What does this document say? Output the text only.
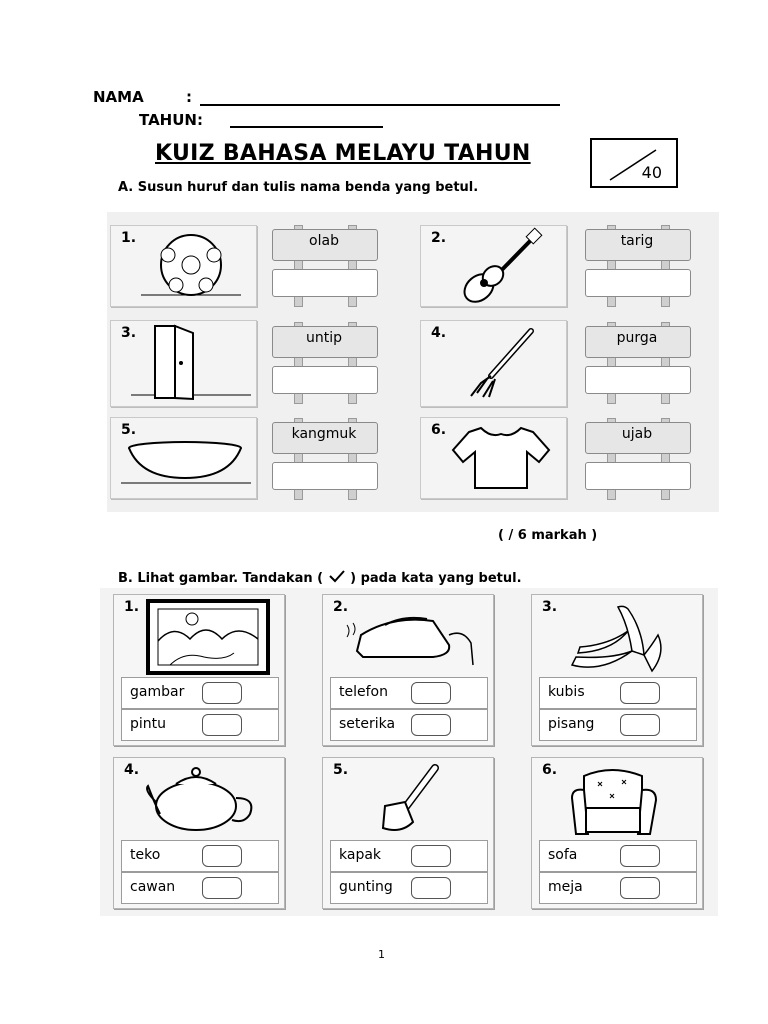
NAMA	:
TAHUN:
KUIZ BAHASA MELAYU TAHUN
40
A. Susun huruf dan tulis nama benda yang betul.
1.	olab	2.	tarig
3.	untip	4.	purga
5.	kangmuk	6.	ujab
( / 6 markah )
B. Lihat gambar. Tandakan ( ) pada kata yang betul.
1.
gambar
pintu
2.
telefon
seterika
3.
kubis
pisang
4.
teko
cawan
5.
kapak
gunting
6.
sofa
meja
1
